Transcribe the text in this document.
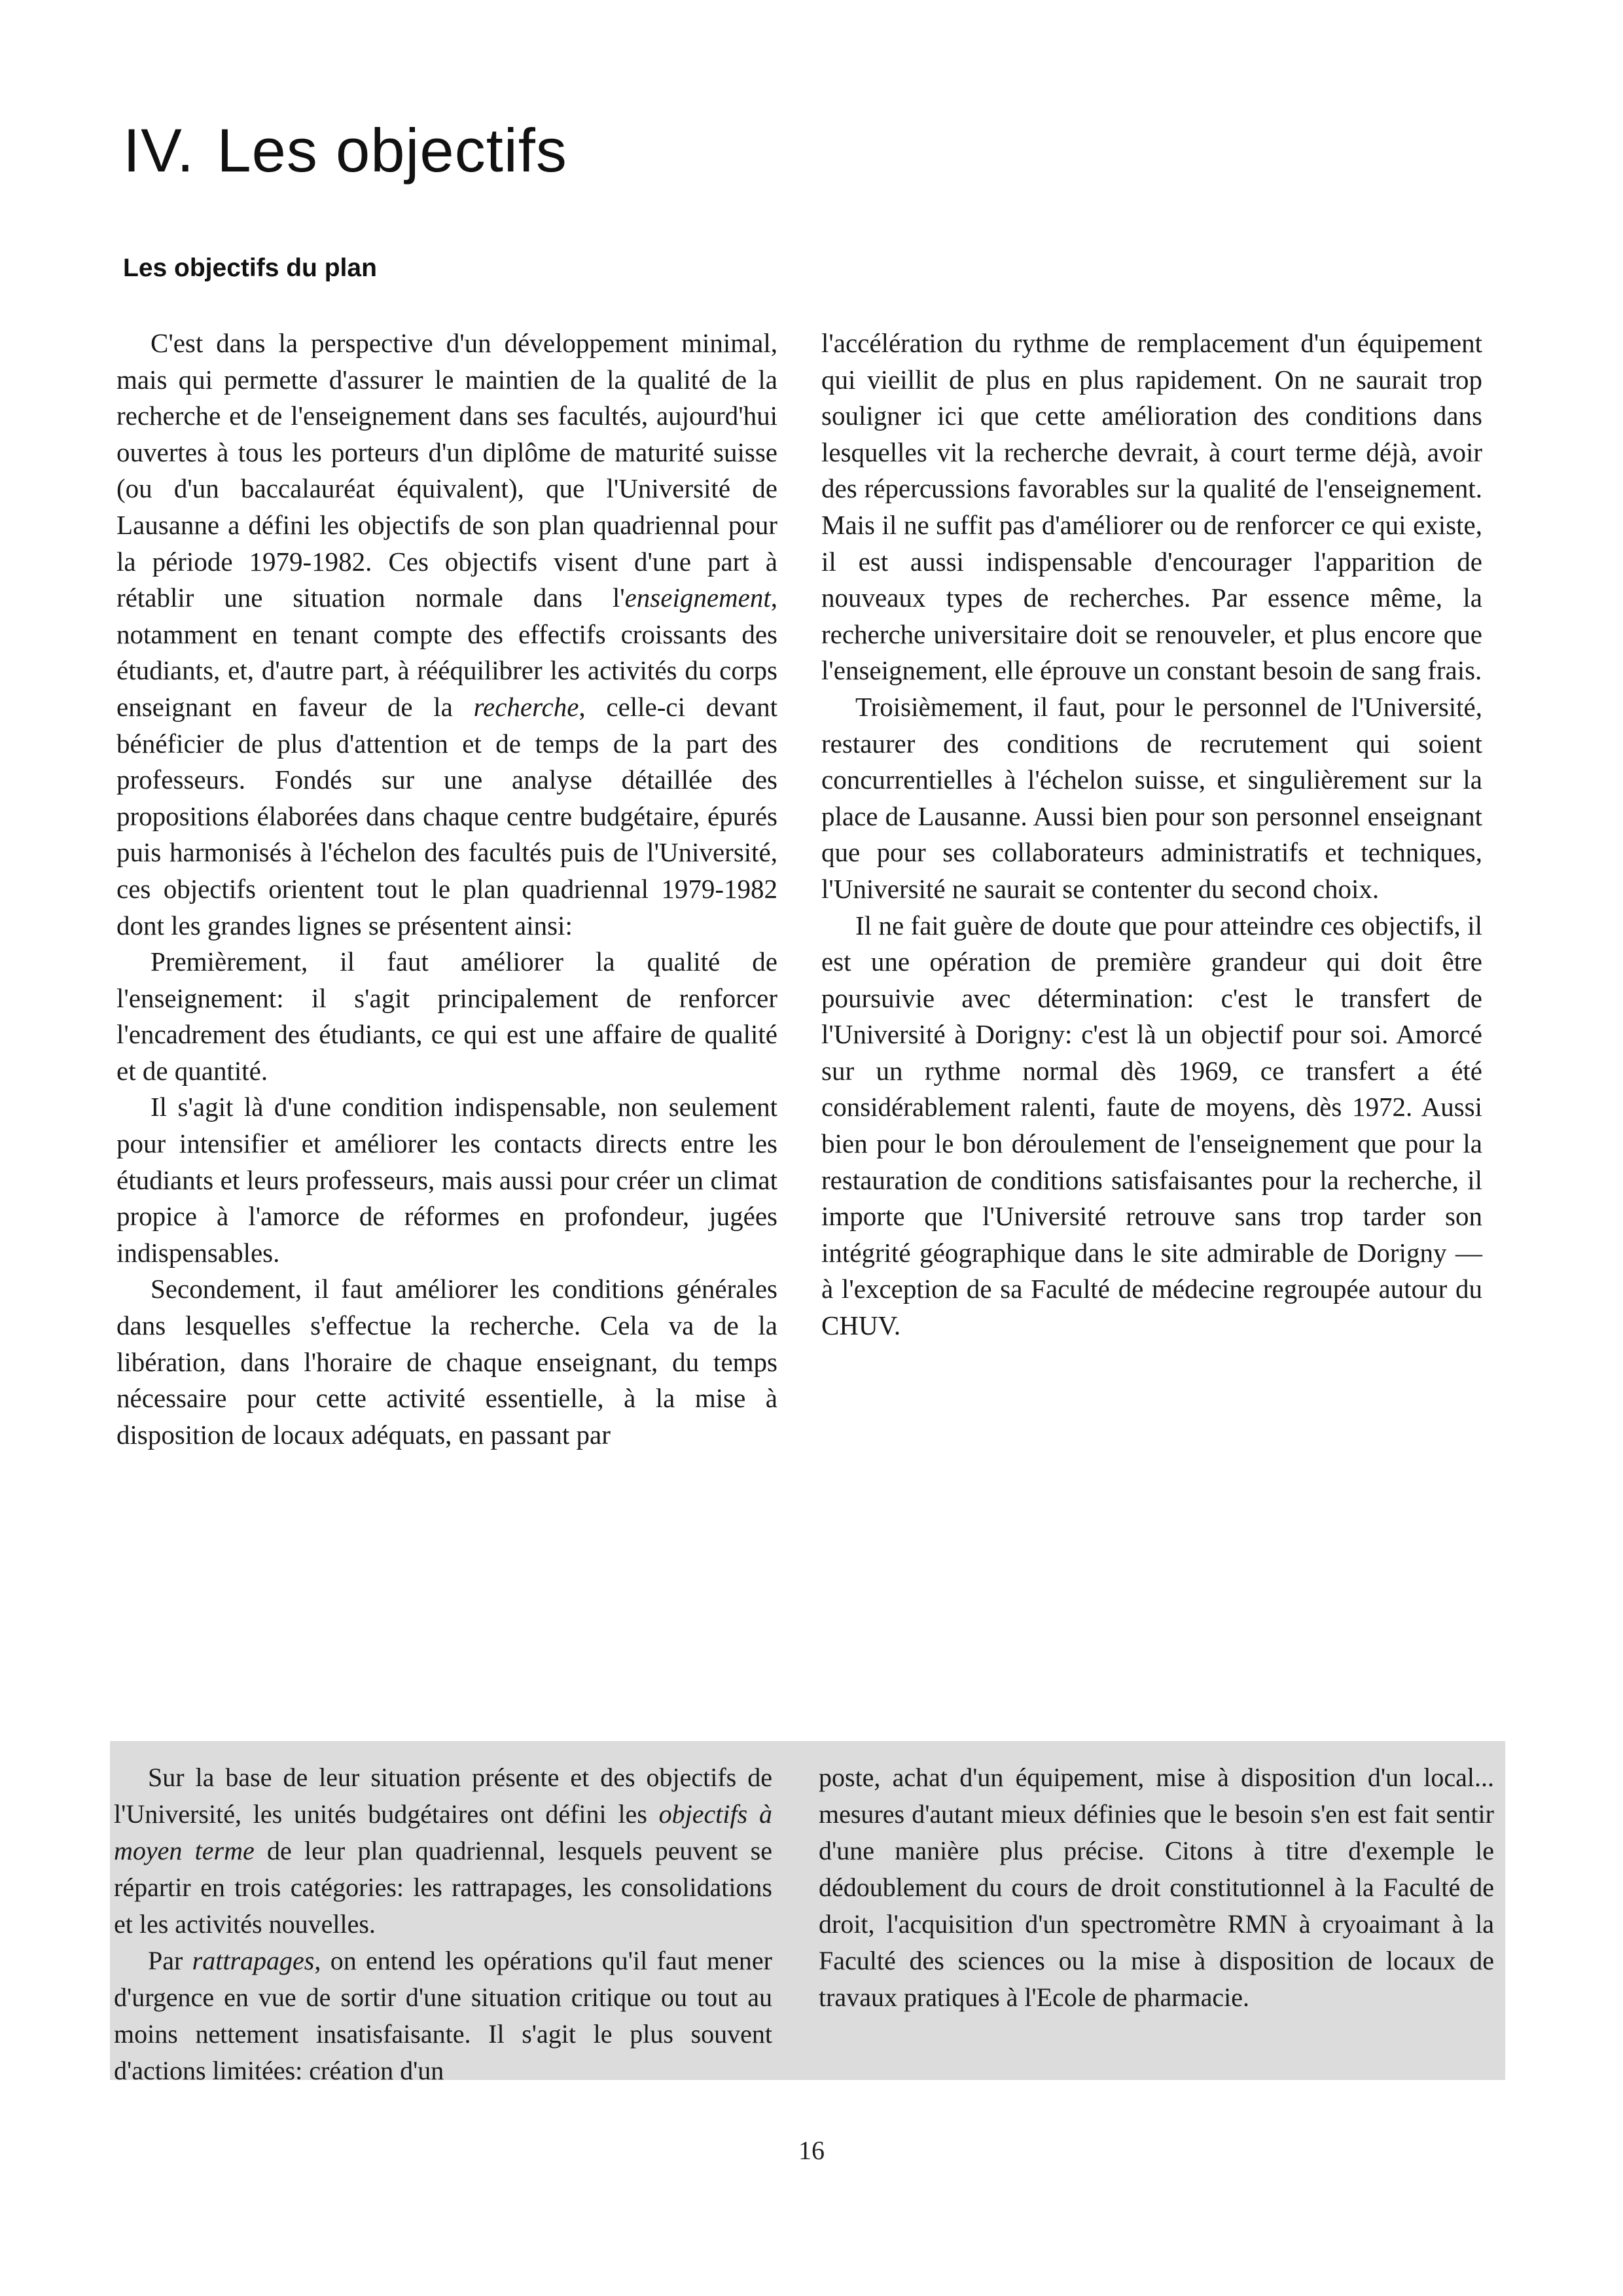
IV. Les objectifs
Les objectifs du plan

C'est dans la perspective d'un développement minimal, mais qui permette d'assurer le maintien de la qualité de la recherche et de l'enseignement dans ses facultés, aujourd'hui ouvertes à tous les porteurs d'un diplôme de maturité suisse (ou d'un baccalauréat équivalent), que l'Université de Lausanne a défini les objectifs de son plan quadriennal pour la période 1979-1982. Ces objectifs visent d'une part à rétablir une situation normale dans l'enseignement, notamment en tenant compte des effectifs croissants des étudiants, et, d'autre part, à rééquilibrer les activités du corps enseignant en faveur de la recherche, celle-ci devant bénéficier de plus d'attention et de temps de la part des professeurs. Fondés sur une analyse détaillée des propositions élaborées dans chaque centre budgétaire, épurés puis harmonisés à l'échelon des facultés puis de l'Université, ces objectifs orientent tout le plan quadriennal 1979-1982 dont les grandes lignes se présentent ainsi:

Premièrement, il faut améliorer la qualité de l'enseignement: il s'agit principalement de renforcer l'encadrement des étudiants, ce qui est une affaire de qualité et de quantité.

Il s'agit là d'une condition indispensable, non seulement pour intensifier et améliorer les contacts directs entre les étudiants et leurs professeurs, mais aussi pour créer un climat propice à l'amorce de réformes en profondeur, jugées indispensables.

Secondement, il faut améliorer les conditions générales dans lesquelles s'effectue la recherche. Cela va de la libération, dans l'horaire de chaque enseignant, du temps nécessaire pour cette activité essentielle, à la mise à disposition de locaux adéquats, en passant par

l'accélération du rythme de remplacement d'un équipement qui vieillit de plus en plus rapidement. On ne saurait trop souligner ici que cette amélioration des conditions dans lesquelles vit la recherche devrait, à court terme déjà, avoir des répercussions favorables sur la qualité de l'enseignement. Mais il ne suffit pas d'améliorer ou de renforcer ce qui existe, il est aussi indispensable d'encourager l'apparition de nouveaux types de recherches. Par essence même, la recherche universitaire doit se renouveler, et plus encore que l'enseignement, elle éprouve un constant besoin de sang frais.

Troisièmement, il faut, pour le personnel de l'Université, restaurer des conditions de recrutement qui soient concurrentielles à l'échelon suisse, et singulièrement sur la place de Lausanne. Aussi bien pour son personnel enseignant que pour ses collaborateurs administratifs et techniques, l'Université ne saurait se contenter du second choix.

Il ne fait guère de doute que pour atteindre ces objectifs, il est une opération de première grandeur qui doit être poursuivie avec détermination: c'est le transfert de l'Université à Dorigny: c'est là un objectif pour soi. Amorcé sur un rythme normal dès 1969, ce transfert a été considérablement ralenti, faute de moyens, dès 1972. Aussi bien pour le bon déroulement de l'enseignement que pour la restauration de conditions satisfaisantes pour la recherche, il importe que l'Université retrouve sans trop tarder son intégrité géographique dans le site admirable de Dorigny — à l'exception de sa Faculté de médecine regroupée autour du CHUV.

Sur la base de leur situation présente et des objectifs de l'Université, les unités budgétaires ont défini les objectifs à moyen terme de leur plan quadriennal, lesquels peuvent se répartir en trois catégories: les rattrapages, les consolidations et les activités nouvelles.

Par rattrapages, on entend les opérations qu'il faut mener d'urgence en vue de sortir d'une situation critique ou tout au moins nettement insatisfaisante. Il s'agit le plus souvent d'actions limitées: création d'un

poste, achat d'un équipement, mise à disposition d'un local... mesures d'autant mieux définies que le besoin s'en est fait sentir d'une manière plus précise. Citons à titre d'exemple le dédoublement du cours de droit constitutionnel à la Faculté de droit, l'acquisition d'un spectromètre RMN à cryoaimant à la Faculté des sciences ou la mise à disposition de locaux de travaux pratiques à l'Ecole de pharmacie.

16
